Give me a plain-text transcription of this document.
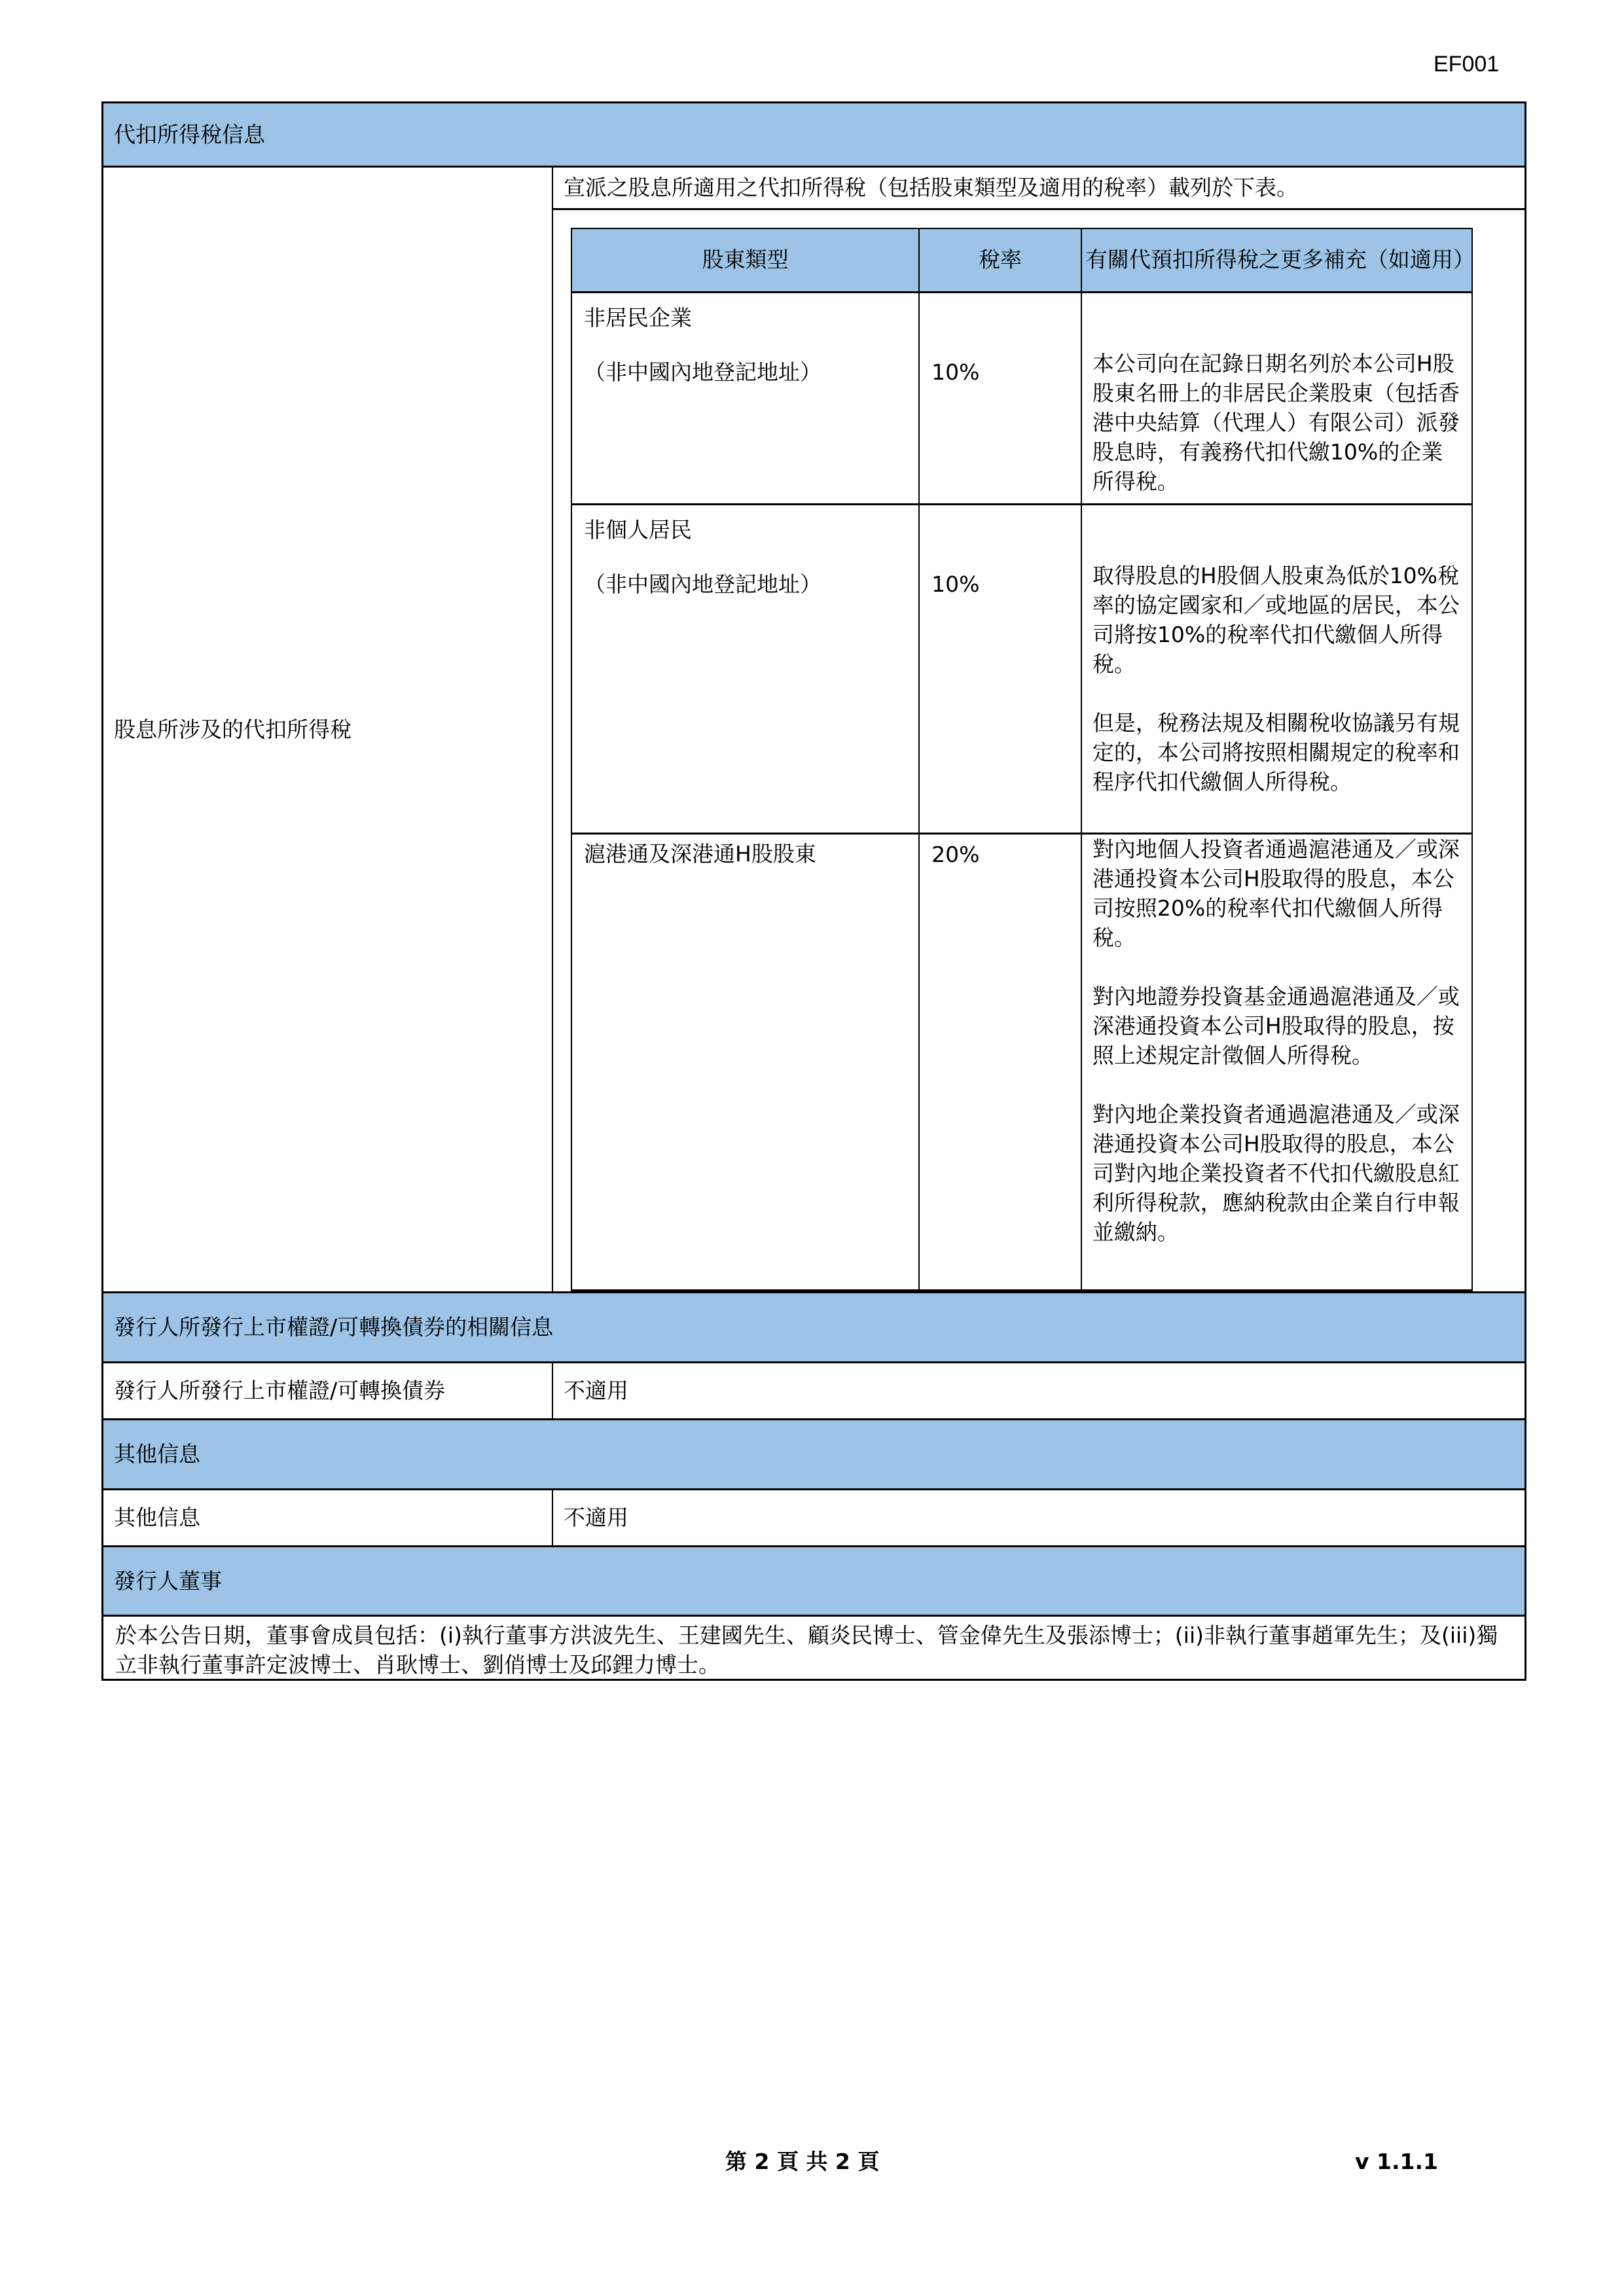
EF001
代扣所得稅信息
股息所涉及的代扣所得稅
宣派之股息所適用之代扣所得稅（包括股東類型及適用的稅率）載列於下表。
股東類型	稅率	有關代預扣所得稅之更多補充（如適用）

非居民企業
（非中國內地登記地址）	10%	本公司向在記錄日期名列於本公司H股股東名冊上的非居民企業股東（包括香港中央結算（代理人）有限公司）派發股息時，有義務代扣代繳10%的企業所得稅。

非個人居民
（非中國內地登記地址）	10%	取得股息的H股個人股東為低於10%稅率的協定國家和／或地區的居民，本公司將按10%的稅率代扣代繳個人所得稅。
但是，稅務法規及相關稅收協議另有規定的，本公司將按照相關規定的稅率和程序代扣代繳個人所得稅。

滬港通及深港通H股股東	20%	對內地個人投資者通過滬港通及／或深港通投資本公司H股取得的股息，本公司按照20%的稅率代扣代繳個人所得稅。
對內地證券投資基金通過滬港通及／或深港通投資本公司H股取得的股息，按照上述規定計徵個人所得稅。
對內地企業投資者通過滬港通及／或深港通投資本公司H股取得的股息，本公司對內地企業投資者不代扣代繳股息紅利所得稅款，應納稅款由企業自行申報並繳納。
發行人所發行上市權證/可轉換債券的相關信息
發行人所發行上市權證/可轉換債券	不適用
其他信息
其他信息	不適用
發行人董事
於本公告日期，董事會成員包括：(i)執行董事方洪波先生、王建國先生、顧炎民博士、管金偉先生及張添博士；(ii)非執行董事趙軍先生；及(iii)獨立非執行董事許定波博士、肖耿博士、劉俏博士及邱鋰力博士。
第 2 頁 共 2 頁	v 1.1.1
